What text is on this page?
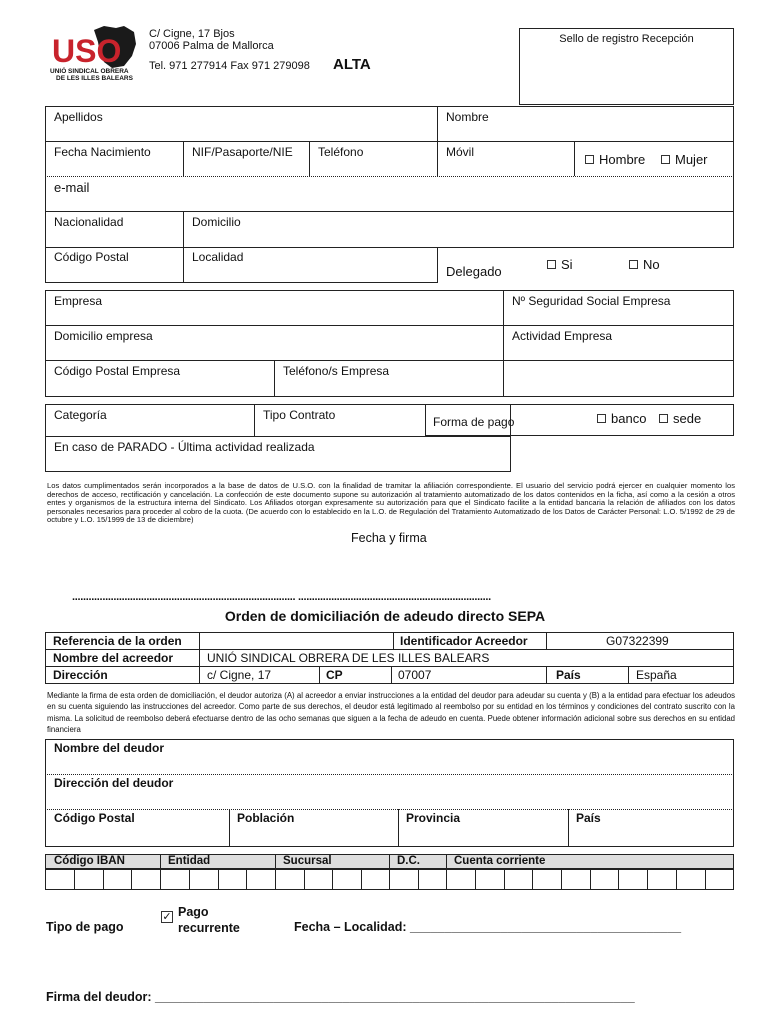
USO
UNIÓ SINDICAL OBRERA
DE LES ILLES BALEARS
C/ Cigne, 17 Bjos
07006 Palma de Mallorca
Tel. 971 277914 Fax 971 279098 ALTA
Sello de registro Recepción
Apellidos	Nombre
Fecha Nacimiento	NIF/Pasaporte/NIE	Teléfono	Móvil	Hombre	Mujer
e-mail
Nacionalidad	Domicilio
Código Postal	Localidad
Delegado	Si	No
Empresa	Nº Seguridad Social Empresa
Domicilio empresa	Actividad Empresa
Código Postal Empresa	Teléfono/s Empresa
Categoría	Tipo Contrato	Forma de pago	banco	sede
En caso de PARADO - Última actividad realizada
Los datos cumplimentados serán incorporados a la base de datos de U.S.O. con la finalidad de tramitar la afiliación correspondiente. El usuario del servicio podrá ejercer en cualquier momento los derechos de acceso, rectificación y cancelación. La confección de este documento supone su autorización al tratamiento automatizado de los datos contenidos en la ficha, así como a la cesión a otros entes y organismos de la estructura interna del Sindicato. Los Afiliados otorgan expresamente su autorización para que el Sindicato facilite a la entidad bancaria la relación de afiliados con los datos personales necesarios para proceder al cobro de la cuota. (De acuerdo con lo establecido en la L.O. de Regulación del Tratamiento Automatizado de los Datos de Carácter Personal: L.O. 5/1992 de 29 de octubre y L.O. 15/1999 de 13 de diciembre)
Fecha y firma
................................................................................. ......................................................................
Orden de domiciliación de adeudo directo SEPA
Referencia de la orden	Identificador Acreedor	G07322399
Nombre del acreedor	UNIÓ SINDICAL OBRERA DE LES ILLES BALEARS
Dirección	c/ Cigne, 17	CP	07007	País	España
Mediante la firma de esta orden de domiciliación, el deudor autoriza (A) al acreedor a enviar instrucciones a la entidad del deudor para adeudar su cuenta y (B) a la entidad para efectuar los adeudos en su cuenta siguiendo las instrucciones del acreedor. Como parte de sus derechos, el deudor está legitimado al reembolso por su entidad en los términos y condiciones del contrato suscrito con la misma. La solicitud de reembolso deberá efectuarse dentro de las ocho semanas que siguen a la fecha de adeudo en cuenta. Puede obtener información adicional sobre sus derechos en su entidad financiera
Nombre del deudor
Dirección del deudor
Código Postal	Población	Provincia	País
Código IBAN	Entidad	Sucursal	D.C.	Cuenta corriente
Tipo de pago
✓ Pago
recurrente	Fecha – Localidad: _______________________________________
Firma del deudor: _____________________________________________________________________
